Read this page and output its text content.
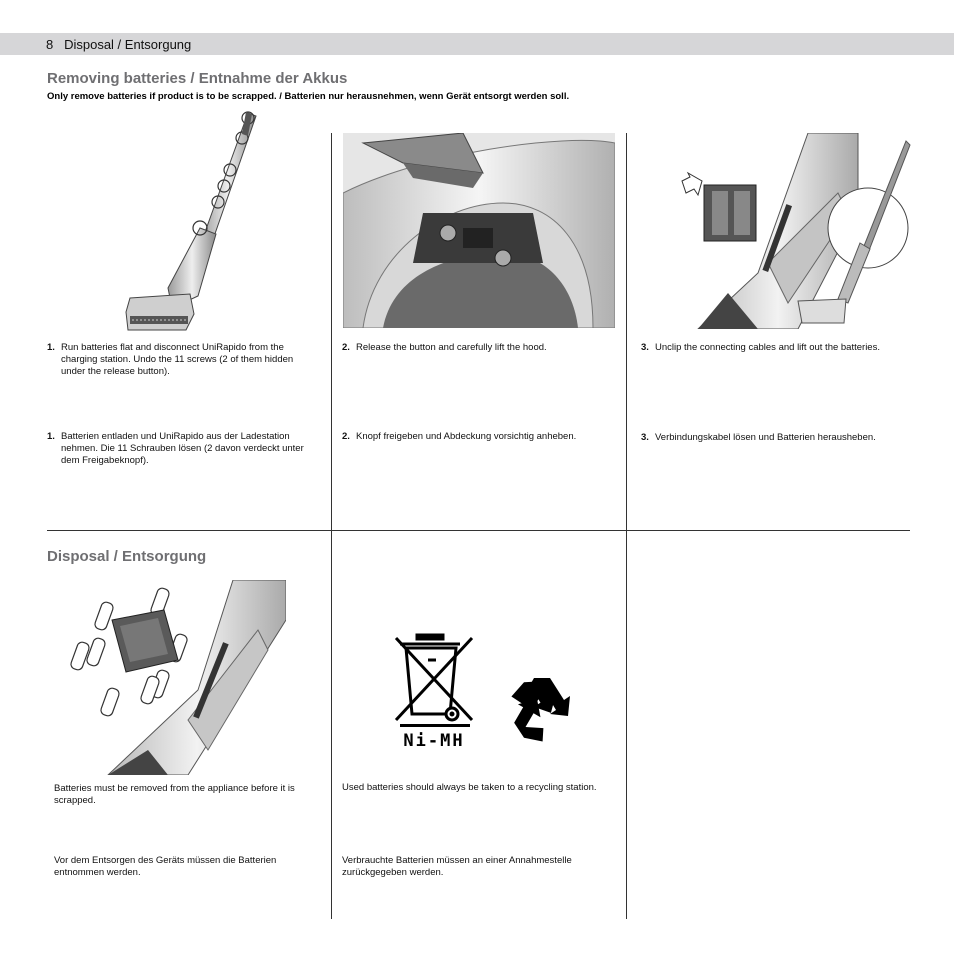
8 Disposal / Entsorgung
Removing batteries / Entnahme der Akkus
Only remove batteries if product is to be scrapped. / Batterien nur herausnehmen, wenn Gerät entsorgt werden soll.
1. Run batteries flat and disconnect UniRapido from the charging station. Undo the 11 screws (2 of them hidden under the release button).
1. Batterien entladen und UniRapido aus der Ladestation nehmen. Die 11 Schrauben lösen (2 davon verdeckt unter dem Freigabeknopf).
2. Release the button and carefully lift the hood.
2. Knopf freigeben und Abdeckung vorsichtig anheben.
3. Unclip the connecting cables and lift out the batteries.
3. Verbindungskabel lösen und Batterien herausheben.
Disposal / Entsorgung
Ni-MH
Batteries must be removed from the appliance before it is scrapped.
Vor dem Entsorgen des Geräts müssen die Batterien entnommen werden.
Used batteries should always be taken to a recycling station.
Verbrauchte Batterien müssen an einer Annahmestelle zurückgegeben werden.
